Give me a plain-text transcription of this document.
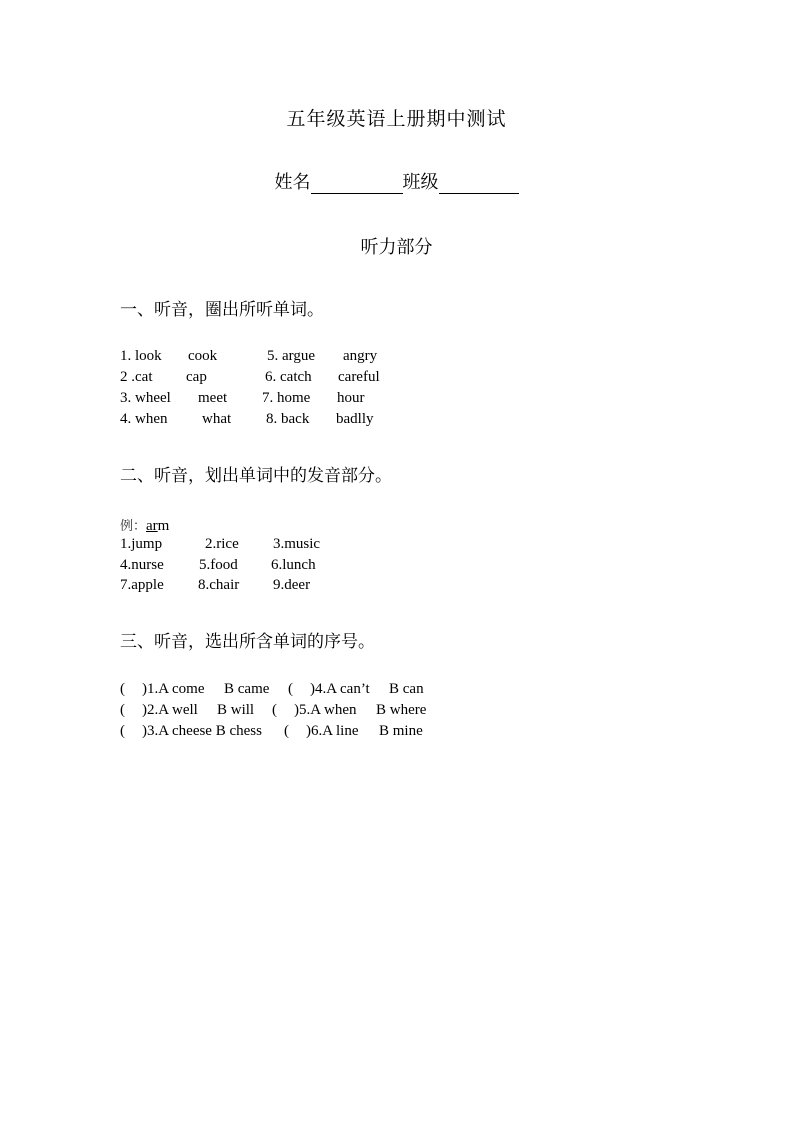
五年级英语上册期中测试
姓名	班级
听力部分
一、听音，圈出所听单词。
1. look cook	5. argue angry
2 .cat cap	6. catch careful
3. wheel meet 7. home hour
4. when what 8. back badlly
二、听音，划出单词中的发音部分。
例：arm
1.jump	2.rice 3.music
4.nurse 5.food 6.lunch
7.apple 8.chair 9.deer
三、听音，选出所含单词的序号。
( )1.A come B came ( )4.A can’t B can
( )2.A well B will ( )5.A when B where
( )3.A cheese B chess ( )6.A line B mine
